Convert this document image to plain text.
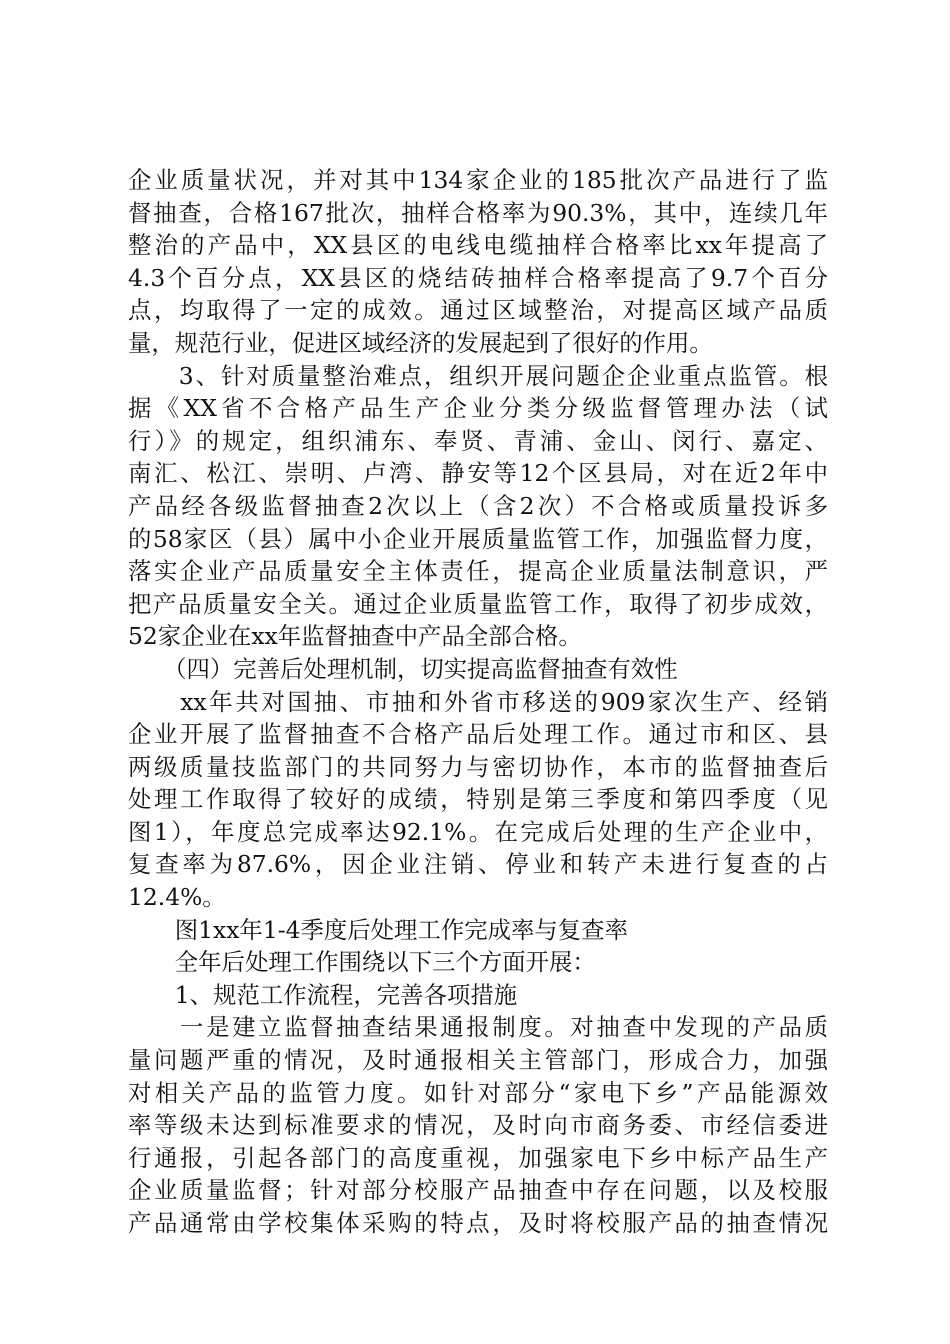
企业质量状况，并对其中134家企业的185批次产品进行了监
督抽查，合格167批次，抽样合格率为90.3%，其中，连续几年
整治的产品中，XX县区的电线电缆抽样合格率比xx年提高了
4.3个百分点，XX县区的烧结砖抽样合格率提高了9.7个百分
点，均取得了一定的成效。通过区域整治，对提高区域产品质
量，规范行业，促进区域经济的发展起到了很好的作用。
　　3、针对质量整治难点，组织开展问题企企业重点监管。根
据《XX省不合格产品生产企业分类分级监督管理办法（试
行）》的规定，组织浦东、奉贤、青浦、金山、闵行、嘉定、
南汇、松江、崇明、卢湾、静安等12个区县局，对在近2年中
产品经各级监督抽查2次以上（含2次）不合格或质量投诉多
的58家区（县）属中小企业开展质量监管工作，加强监督力度，
落实企业产品质量安全主体责任，提高企业质量法制意识，严
把产品质量安全关。通过企业质量监管工作，取得了初步成效，
52家企业在xx年监督抽查中产品全部合格。
　　（四）完善后处理机制，切实提高监督抽查有效性
　　xx年共对国抽、市抽和外省市移送的909家次生产、经销
企业开展了监督抽查不合格产品后处理工作。通过市和区、县
两级质量技监部门的共同努力与密切协作，本市的监督抽查后
处理工作取得了较好的成绩，特别是第三季度和第四季度（见
图1），年度总完成率达92.1%。在完成后处理的生产企业中，
复查率为87.6%，因企业注销、停业和转产未进行复查的占
12.4%。
　　图1xx年1-4季度后处理工作完成率与复查率
　　全年后处理工作围绕以下三个方面开展：
　　1、规范工作流程，完善各项措施
　　一是建立监督抽查结果通报制度。对抽查中发现的产品质
量问题严重的情况，及时通报相关主管部门，形成合力，加强
对相关产品的监管力度。如针对部分“家电下乡”产品能源效
率等级未达到标准要求的情况，及时向市商务委、市经信委进
行通报，引起各部门的高度重视，加强家电下乡中标产品生产
企业质量监督；针对部分校服产品抽查中存在问题，以及校服
产品通常由学校集体采购的特点，及时将校服产品的抽查情况
